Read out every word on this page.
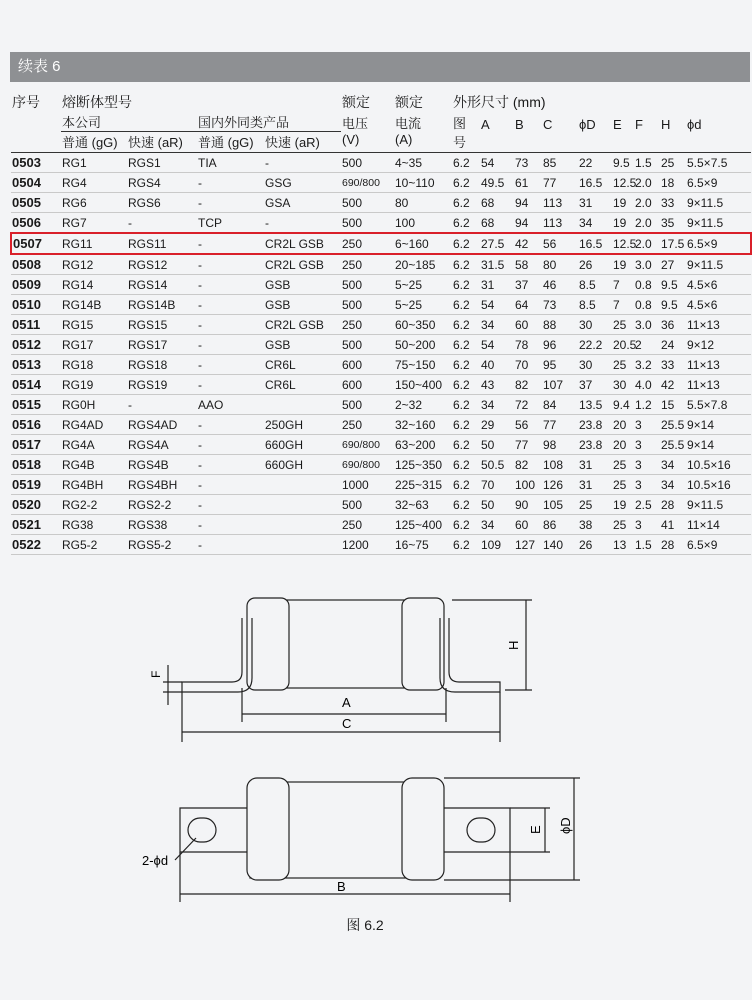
续表 6
序号	熔断体型号				额定	额定	外形尺寸 (mm)								
	本公司		国内外同类产品		电压	电流	图	A	B	C	ϕD	E	F	H	ϕd
	普通 (gG)	快速 (aR)	普通 (gG)	快速 (aR)	(V)	(A)	号								
0503	RG1	RGS1	TIA	-	500	4~35	6.2	54	73	85	22	9.5	1.5	25	5.5×7.5
0504	RG4	RGS4	-	GSG	690/800	10~110	6.2	49.5	61	77	16.5	12.5	2.0	18	6.5×9
0505	RG6	RGS6	-	GSA	500	80	6.2	68	94	113	31	19	2.0	33	9×11.5
0506	RG7	-	TCP	-	500	100	6.2	68	94	113	34	19	2.0	35	9×11.5
0507	RG11	RGS11	-	CR2L GSB	250	6~160	6.2	27.5	42	56	16.5	12.5	2.0	17.5	6.5×9
0508	RG12	RGS12	-	CR2L GSB	250	20~185	6.2	31.5	58	80	26	19	3.0	27	9×11.5
0509	RG14	RGS14	-	GSB	500	5~25	6.2	31	37	46	8.5	7	0.8	9.5	4.5×6
0510	RG14B	RGS14B	-	GSB	500	5~25	6.2	54	64	73	8.5	7	0.8	9.5	4.5×6
0511	RG15	RGS15	-	CR2L GSB	250	60~350	6.2	34	60	88	30	25	3.0	36	11×13
0512	RG17	RGS17	-	GSB	500	50~200	6.2	54	78	96	22.2	20.5	2	24	9×12
0513	RG18	RGS18	-	CR6L	600	75~150	6.2	40	70	95	30	25	3.2	33	11×13
0514	RG19	RGS19	-	CR6L	600	150~400	6.2	43	82	107	37	30	4.0	42	11×13
0515	RG0H	-	AAO		500	2~32	6.2	34	72	84	13.5	9.4	1.2	15	5.5×7.8
0516	RG4AD	RGS4AD	-	250GH	250	32~160	6.2	29	56	77	23.8	20	3	25.5	9×14
0517	RG4A	RGS4A	-	660GH	690/800	63~200	6.2	50	77	98	23.8	20	3	25.5	9×14
0518	RG4B	RGS4B	-	660GH	690/800	125~350	6.2	50.5	82	108	31	25	3	34	10.5×16
0519	RG4BH	RGS4BH	-		1000	225~315	6.2	70	100	126	31	25	3	34	10.5×16
0520	RG2-2	RGS2-2	-		500	32~63	6.2	50	90	105	25	19	2.5	28	9×11.5
0521	RG38	RGS38	-		250	125~400	6.2	34	60	86	38	25	3	41	11×14
0522	RG5-2	RGS5-2	-		1200	16~75	6.2	109	127	140	26	13	1.5	28	6.5×9
A
C
H
F
B
E ϕD
2-ϕd
图 6.2
